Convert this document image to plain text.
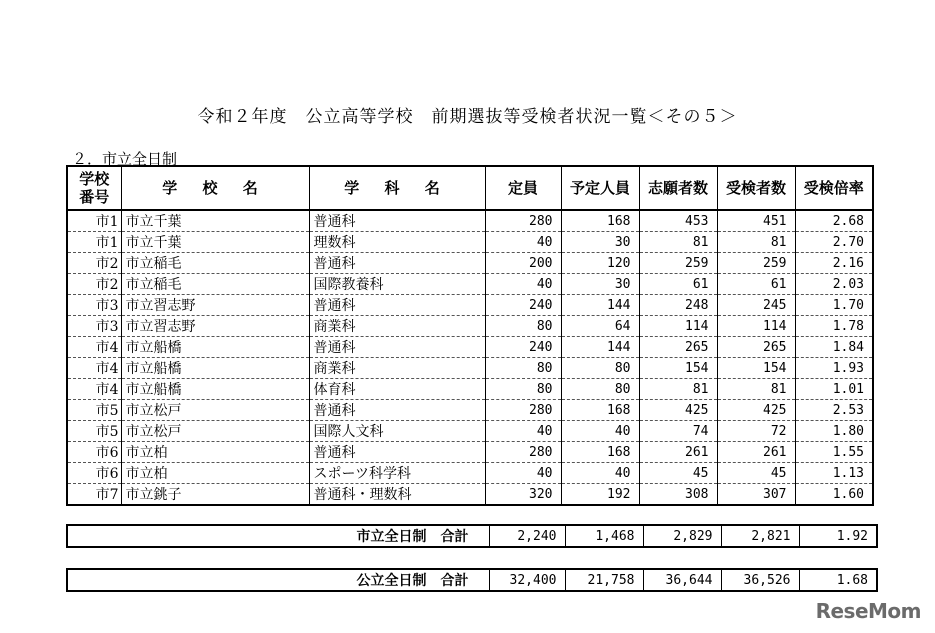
令和２年度　公立高等学校　前期選抜等受検者状況一覧＜その５＞
２．市立全日制
学校
番号	学 校 名	学 科 名	定員	予定人員	志願者数	受検者数	受検倍率
市1	市立千葉	普通科	280	168	453	451	2.68
市1	市立千葉	理数科	40	30	81	81	2.70
市2	市立稲毛	普通科	200	120	259	259	2.16
市2	市立稲毛	国際教養科	40	30	61	61	2.03
市3	市立習志野	普通科	240	144	248	245	1.70
市3	市立習志野	商業科	80	64	114	114	1.78
市4	市立船橋	普通科	240	144	265	265	1.84
市4	市立船橋	商業科	80	80	154	154	1.93
市4	市立船橋	体育科	80	80	81	81	1.01
市5	市立松戸	普通科	280	168	425	425	2.53
市5	市立松戸	国際人文科	40	40	74	72	1.80
市6	市立柏	普通科	280	168	261	261	1.55
市6	市立柏	スポーツ科学科	40	40	45	45	1.13
市7	市立銚子	普通科・理数科	320	192	308	307	1.60
市立全日制　合計	2,240	1,468	2,829	2,821	1.92
公立全日制　合計	32,400	21,758	36,644	36,526	1.68
ReseMom
